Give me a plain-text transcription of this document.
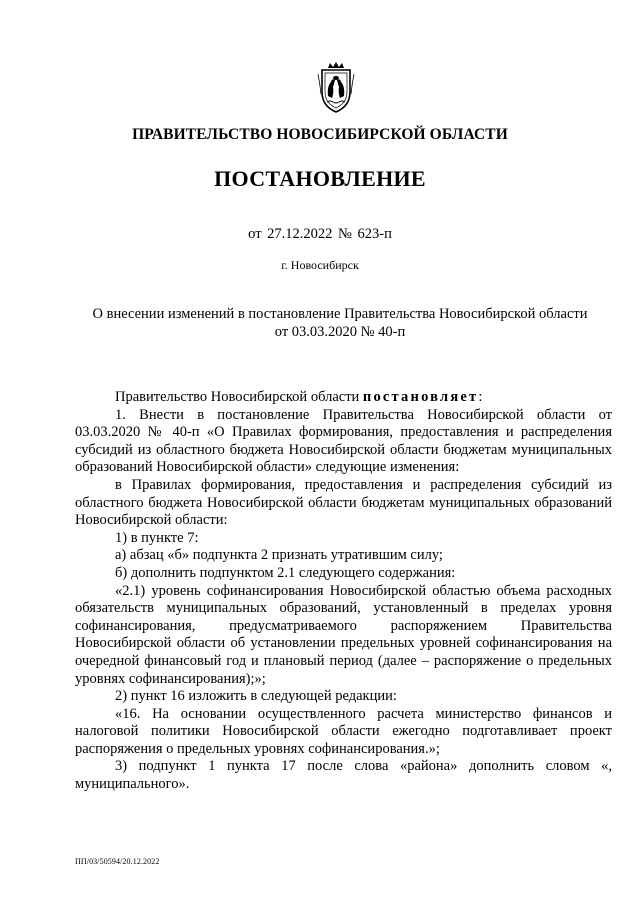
ПРАВИТЕЛЬСТВО НОВОСИБИРСКОЙ ОБЛАСТИ
ПОСТАНОВЛЕНИЕ
от 27.12.2022 № 623-п
г. Новосибирск
О внесении изменений в постановление Правительства Новосибирской области
от 03.03.2020 № 40-п

Правительство Новосибирской области постановляет:

1. Внести в постановление Правительства Новосибирской области от 03.03.2020 № 40-п «О Правилах формирования, предоставления и распределения субсидий из областного бюджета Новосибирской области бюджетам муниципальных образований Новосибирской области» следующие изменения:

в Правилах формирования, предоставления и распределения субсидий из областного бюджета Новосибирской области бюджетам муниципальных образований Новосибирской области:

1) в пункте 7:

а) абзац «б» подпункта 2 признать утратившим силу;

б) дополнить подпунктом 2.1 следующего содержания:

«2.1) уровень софинансирования Новосибирской областью объема расходных обязательств муниципальных образований, установленный в пределах уровня софинансирования, предусматриваемого распоряжением Правительства Новосибирской области об установлении предельных уровней софинансирования на очередной финансовый год и плановый период (далее – распоряжение о предельных уровнях софинансирования);»;

2) пункт 16 изложить в следующей редакции:

«16. На основании осуществленного расчета министерство финансов и налоговой политики Новосибирской области ежегодно подготавливает проект распоряжения о предельных уровнях софинансирования.»;

3) подпункт 1 пункта 17 после слова «района» дополнить словом «, муниципального».

ПП/03/50594/20.12.2022
